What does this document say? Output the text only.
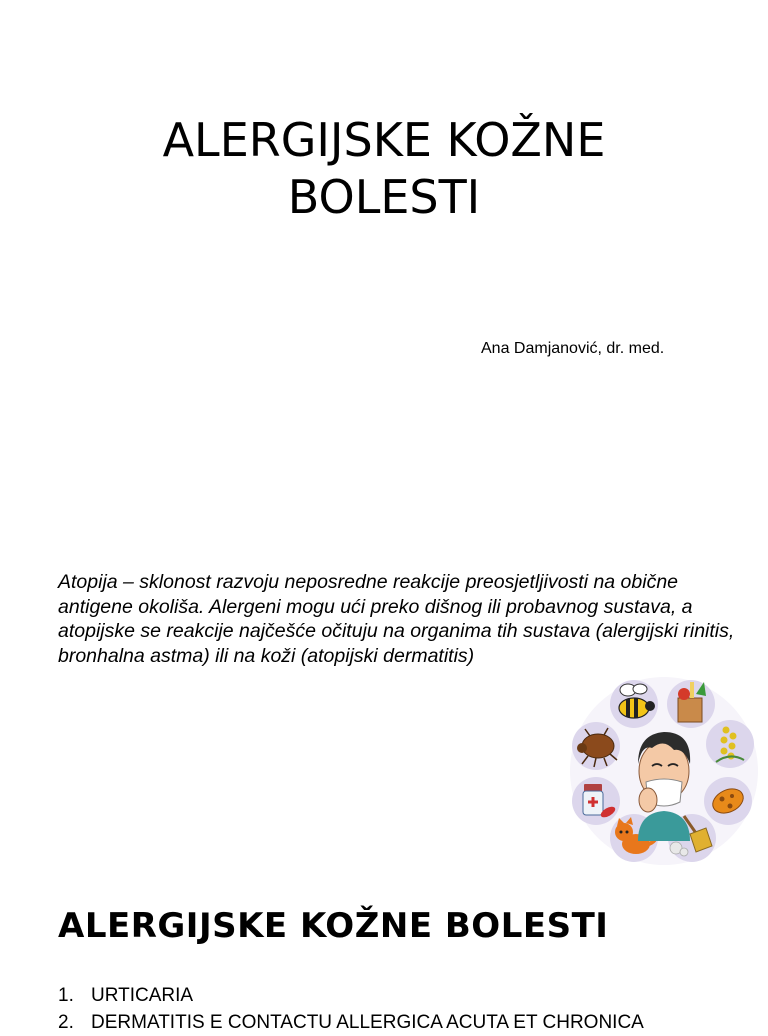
ALERGIJSKE KOŽNE
BOLESTI
Ana Damjanović, dr. med.

Atopija – sklonost razvoju neposredne reakcije preosjetljivosti na obične antigene okoliša. Alergeni mogu ući preko dišnog ili probavnog sustava, a atopijske se reakcije najčešće očituju na organima tih sustava (alergijski rinitis, bronhalna astma) ili na koži (atopijski dermatitis)

ALERGIJSKE KOŽNE BOLESTI
1. URTICARIA
2. DERMATITIS E CONTACTU ALLERGICA ACUTA ET CHRONICA
